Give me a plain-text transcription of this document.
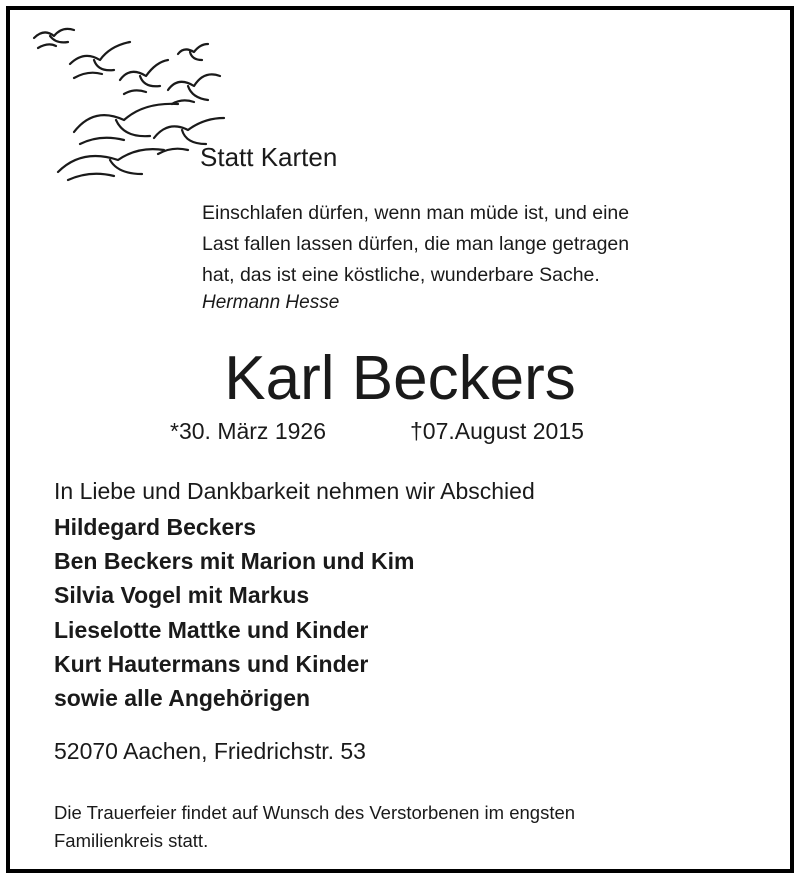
Statt Karten

Einschlafen dürfen, wenn man müde ist, und eine
Last fallen lassen dürfen, die man lange getragen
hat, das ist eine köstliche, wunderbare Sache.

Hermann Hesse

Karl Beckers
*30. März 1926	†07.August 2015

In Liebe und Dankbarkeit nehmen wir Abschied

Hildegard Beckers
Ben Beckers mit Marion und Kim
Silvia Vogel mit Markus
Lieselotte Mattke und Kinder
Kurt Hautermans und Kinder
sowie alle Angehörigen

52070 Aachen, Friedrichstr. 53

Die Trauerfeier findet auf Wunsch des Verstorbenen im engsten
Familienkreis statt.
